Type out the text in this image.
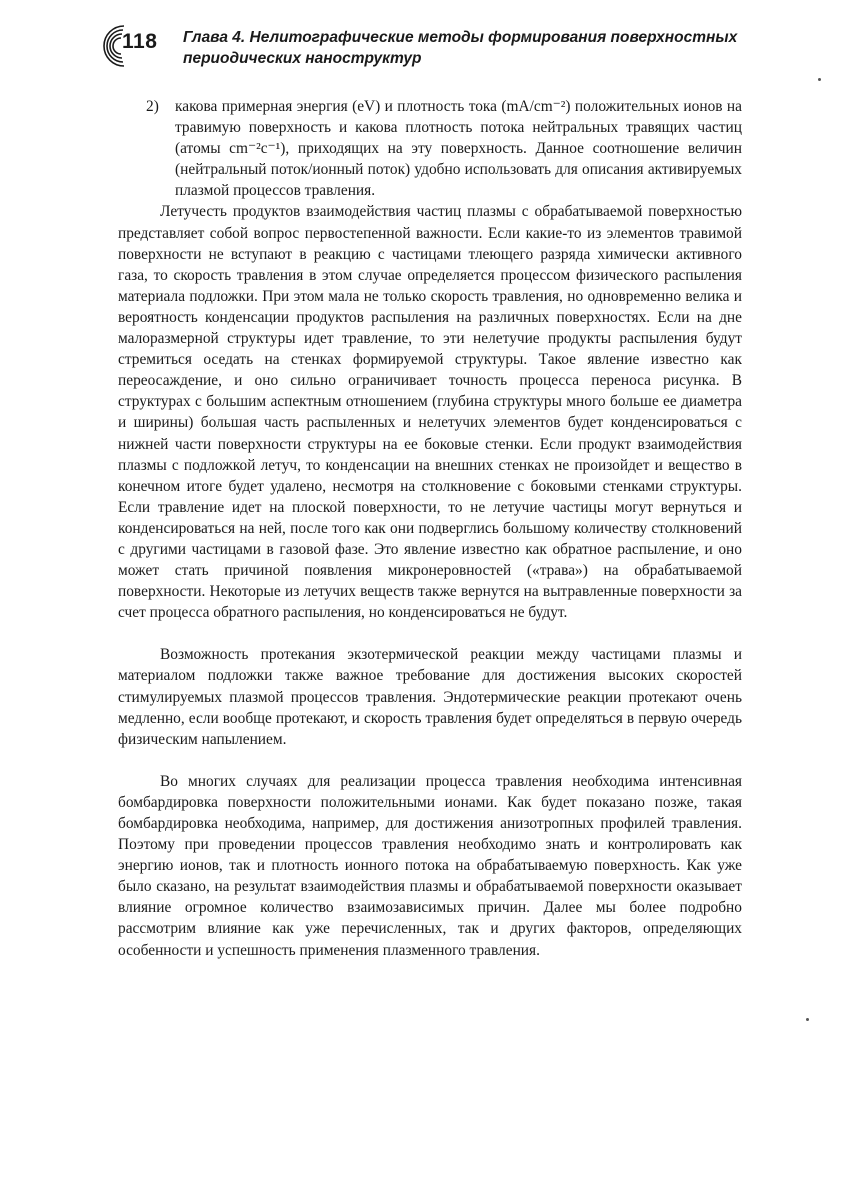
118 Глава 4. Нелитографические методы формирования поверхностных
периодических наноструктур
2)	какова примерная энергия (eV) и плотность тока (mA/cm⁻²) положительных ионов на травимую поверхность и какова плотность потока нейтральных травящих частиц (атомы cm⁻²c⁻¹), приходящих на эту поверхность. Данное соотношение величин (нейтральный поток/ионный поток) удобно использовать для описания активируемых плазмой процессов травления.

Летучесть продуктов взаимодействия частиц плазмы с обрабатываемой поверхностью представляет собой вопрос первостепенной важности. Если какие-то из элементов травимой поверхности не вступают в реакцию с частицами тлеющего разряда химически активного газа, то скорость травления в этом случае определяется процессом физического распыления материала подложки. При этом мала не только скорость травления, но одновременно велика и вероятность конденсации продуктов распыления на различных поверхностях. Если на дне малоразмерной структуры идет травление, то эти нелетучие продукты распыления будут стремиться оседать на стенках формируемой структуры. Такое явление известно как переосаждение, и оно сильно ограничивает точность процесса переноса рисунка. В структурах с большим аспектным отношением (глубина структуры много больше ее диаметра и ширины) большая часть распыленных и нелетучих элементов будет конденсироваться с нижней части поверхности структуры на ее боковые стенки. Если продукт взаимодействия плазмы с подложкой летуч, то конденсации на внешних стенках не произойдет и вещество в конечном итоге будет удалено, несмотря на столкновение с боковыми стенками структуры. Если травление идет на плоской поверхности, то не летучие частицы могут вернуться и конденсироваться на ней, после того как они подверглись большому количеству столкновений с другими частицами в газовой фазе. Это явление известно как обратное распыление, и оно может стать причиной появления микронеровностей («трава») на обрабатываемой поверхности. Некоторые из летучих веществ также вернутся на вытравленные поверхности за счет процесса обратного распыления, но конденсироваться не будут.

Возможность протекания экзотермической реакции между частицами плазмы и материалом подложки также важное требование для достижения высоких скоростей стимулируемых плазмой процессов травления. Эндотермические реакции протекают очень медленно, если вообще протекают, и скорость травления будет определяться в первую очередь физическим напылением.

Во многих случаях для реализации процесса травления необходима интенсивная бомбардировка поверхности положительными ионами. Как будет показано позже, такая бомбардировка необходима, например, для достижения анизотропных профилей травления. Поэтому при проведении процессов травления необходимо знать и контролировать как энергию ионов, так и плотность ионного потока на обрабатываемую поверхность. Как уже было сказано, на результат взаимодействия плазмы и обрабатываемой поверхности оказывает влияние огромное количество взаимозависимых причин. Далее мы более подробно рассмотрим влияние как уже перечисленных, так и других факторов, определяющих особенности и успешность применения плазменного травления.
